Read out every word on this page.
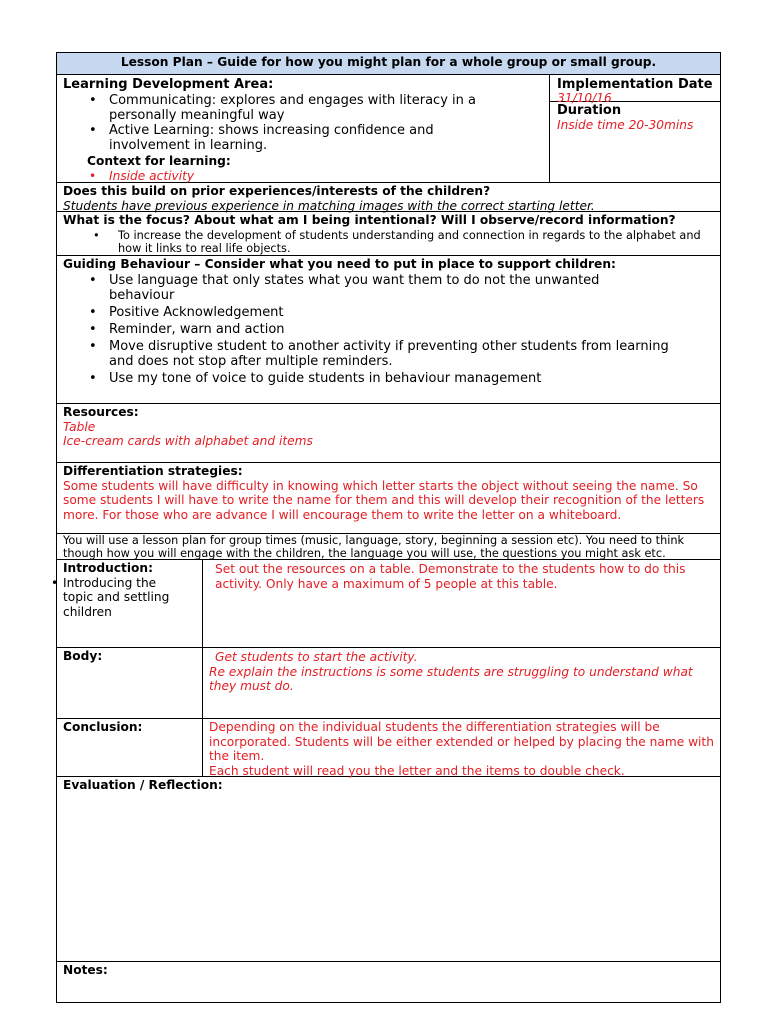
Lesson Plan – Guide for how you might plan for a whole group or small group.
Learning Development Area:
• Communicating: explores and engages with literacy in a personally meaningful way
• Active Learning: shows increasing confidence and involvement in learning.
Context for learning:
• Inside activity
Implementation Date
31/10/16
Duration
Inside time 20-30mins
Does this build on prior experiences/interests of the children?
Students have previous experience in matching images with the correct starting letter.
What is the focus? About what am I being intentional? Will I observe/record information?
• To increase the development of students understanding and connection in regards to the alphabet and how it links to real life objects.
Guiding Behaviour – Consider what you need to put in place to support children:
• Use language that only states what you want them to do not the unwanted behaviour
• Positive Acknowledgement
• Reminder, warn and action
• Move disruptive student to another activity if preventing other students from learning and does not stop after multiple reminders.
• Use my tone of voice to guide students in behaviour management
Resources:
Table
Ice-cream cards with alphabet and items
Differentiation strategies:
Some students will have difficulty in knowing which letter starts the object without seeing the name. So some students I will have to write the name for them and this will develop their recognition of the letters more. For those who are advance I will encourage them to write the letter on a whiteboard.
You will use a lesson plan for group times (music, language, story, beginning a session etc). You need to think though how you will engage with the children, the language you will use, the questions you might ask etc.
Introduction:
• Introducing the topic and settling children
Set out the resources on a table. Demonstrate to the students how to do this activity. Only have a maximum of 5 people at this table.
Body:	Get students to start the activity.
Re explain the instructions is some students are struggling to understand what they must do.
Conclusion:	Depending on the individual students the differentiation strategies will be incorporated. Students will be either extended or helped by placing the name with the item.
Each student will read you the letter and the items to double check.
Evaluation / Reflection:
Notes:
